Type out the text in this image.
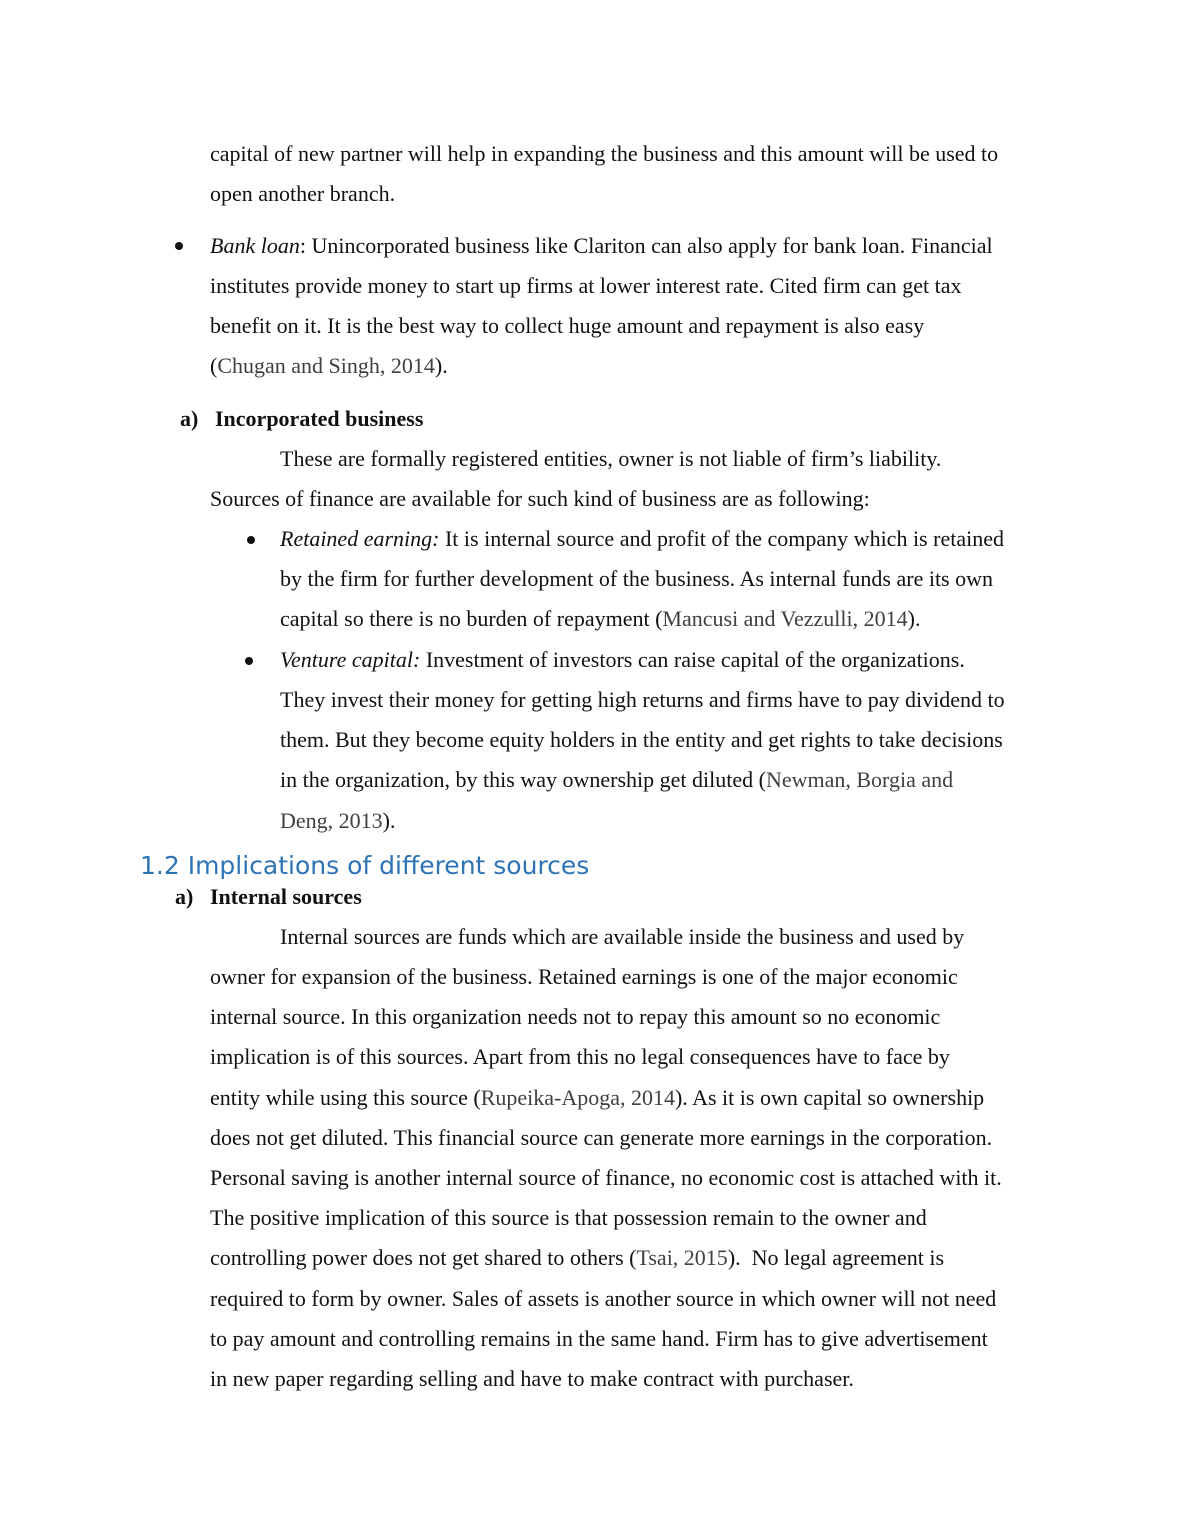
capital of new partner will help in expanding the business and this amount will be used to
open another branch.
Bank loan: Unincorporated business like Clariton can also apply for bank loan. Financial
institutes provide money to start up firms at lower interest rate. Cited firm can get tax
benefit on it. It is the best way to collect huge amount and repayment is also easy
(Chugan and Singh, 2014).
a) Incorporated business
These are formally registered entities, owner is not liable of firm’s liability.
Sources of finance are available for such kind of business are as following:
Retained earning: It is internal source and profit of the company which is retained
by the firm for further development of the business. As internal funds are its own
capital so there is no burden of repayment (Mancusi and Vezzulli, 2014).
Venture capital: Investment of investors can raise capital of the organizations.
They invest their money for getting high returns and firms have to pay dividend to
them. But they become equity holders in the entity and get rights to take decisions
in the organization, by this way ownership get diluted (Newman, Borgia and
Deng, 2013).
1.2 Implications of different sources
a) Internal sources
Internal sources are funds which are available inside the business and used by
owner for expansion of the business. Retained earnings is one of the major economic
internal source. In this organization needs not to repay this amount so no economic
implication is of this sources. Apart from this no legal consequences have to face by
entity while using this source (Rupeika-Apoga, 2014). As it is own capital so ownership
does not get diluted. This financial source can generate more earnings in the corporation.
Personal saving is another internal source of finance, no economic cost is attached with it.
The positive implication of this source is that possession remain to the owner and
controlling power does not get shared to others (Tsai, 2015).  No legal agreement is
required to form by owner. Sales of assets is another source in which owner will not need
to pay amount and controlling remains in the same hand. Firm has to give advertisement
in new paper regarding selling and have to make contract with purchaser.
